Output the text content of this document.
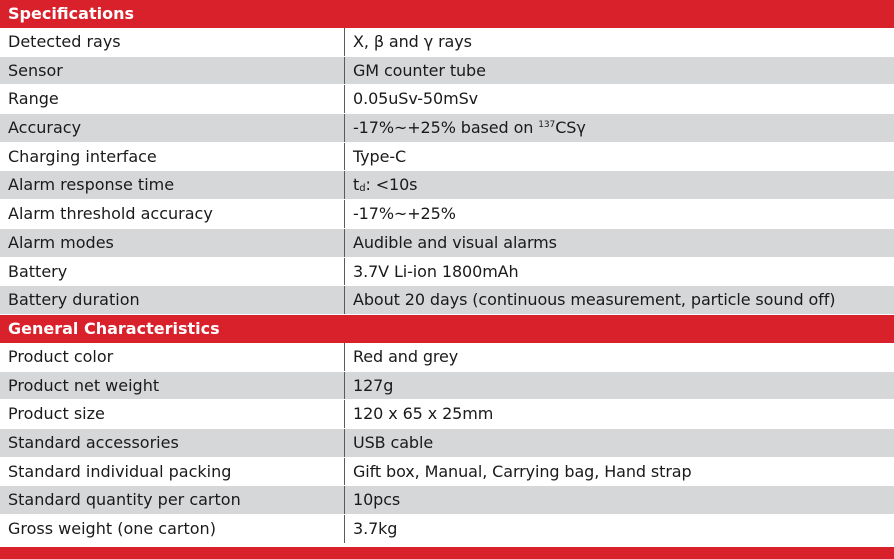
Specifications
Detected rays	X, β and γ rays
Sensor	GM counter tube
Range	0.05uSv-50mSv
Accuracy	-17%~+25% based on $^{137}$CSγ
Charging interface	Type-C
Alarm response time	td: <10s
Alarm threshold accuracy	-17%~+25%
Alarm modes	Audible and visual alarms
Battery	3.7V Li-ion 1800mAh
Battery duration	About 20 days (continuous measurement, particle sound off)
General Characteristics
Product color	Red and grey
Product net weight	127g
Product size	120 x 65 x 25mm
Standard accessories	USB cable
Standard individual packing	Gift box, Manual, Carrying bag, Hand strap
Standard quantity per carton	10pcs
Gross weight (one carton)	3.7kg
